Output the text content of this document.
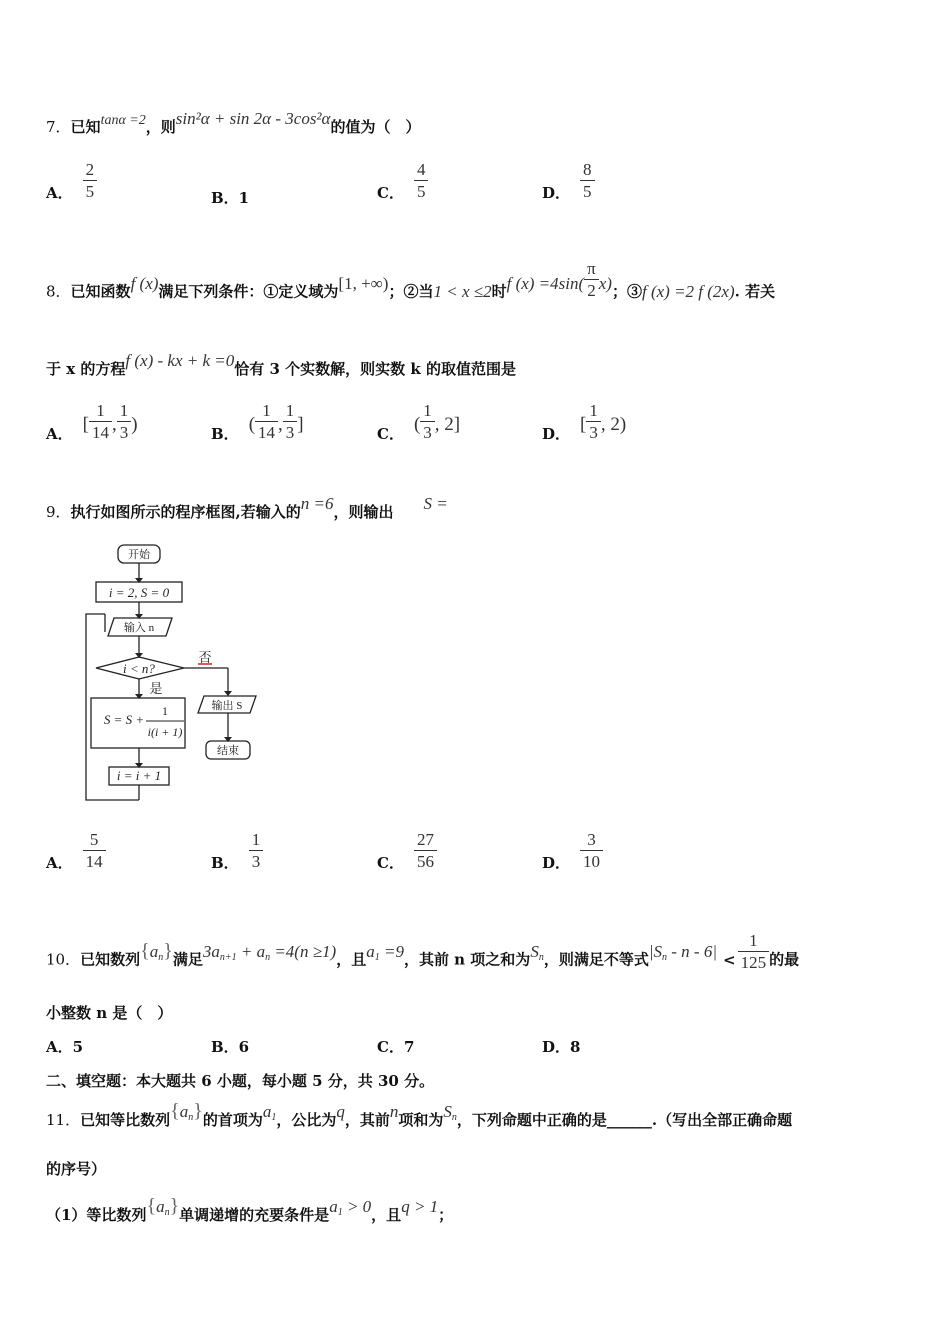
7．已知tanα =2，则sin²α + sin 2α - 3cos²α的值为（　）
A． $\frac{2}{5}$	B．1	C． $\frac{4}{5}$	D． $\frac{8}{5}$
8．已知函数f (x)满足下列条件：①定义域为[1, +∞)；②当1 < x ≤2时f $(x) =4\sin( \frac{\pi}{2} x)$；③f (x) =2 f (2x). 若关
于 x 的方程f (x) - kx + k =0恰有 3 个实数解，则实数 k 的取值范围是
A． [ $\frac{1}{14}$ , $\frac{1}{3}$ )	B． ( $\frac{1}{14}$ , $\frac{1}{3}$ ]	C． ( $\frac{1}{3}$ , 2]	D． [ $\frac{1}{3}$ , 2)
9．执行如图所示的程序框图,若输入的n =6，则输出 S =
开始
i = 2, S = 0
输入 n
i < n?
否
是
S = S +
1
i(i + 1)
输出 S
结束
i = i + 1
A． $\frac{5}{14}$	B． $\frac{1}{3}$	C． $\frac{27}{56}$	D． $\frac{3}{10}$
10．已知数列$\{a_n\}$满足$3a_{n+1} + a_n =4(n \ge 1)$，且$a_1 =9$，其前 n 项之和为$S_n$，则满足不等式$|S_n - n - 6| < \frac{1}{125}$ 的最
小整数 n 是（　）
A．5	B．6	C．7	D．8
二、填空题：本大题共 6 小题，每小题 5 分，共 30 分。
11．已知等比数列$\{a_n\}$的首项为$a_1$，公比为q，其前n项和为$S_n$，下列命题中正确的是______.（写出全部正确命题
的序号）
（1）等比数列$\{a_n\}$单调递增的充要条件是$a_1 > 0$，且q > 1；
